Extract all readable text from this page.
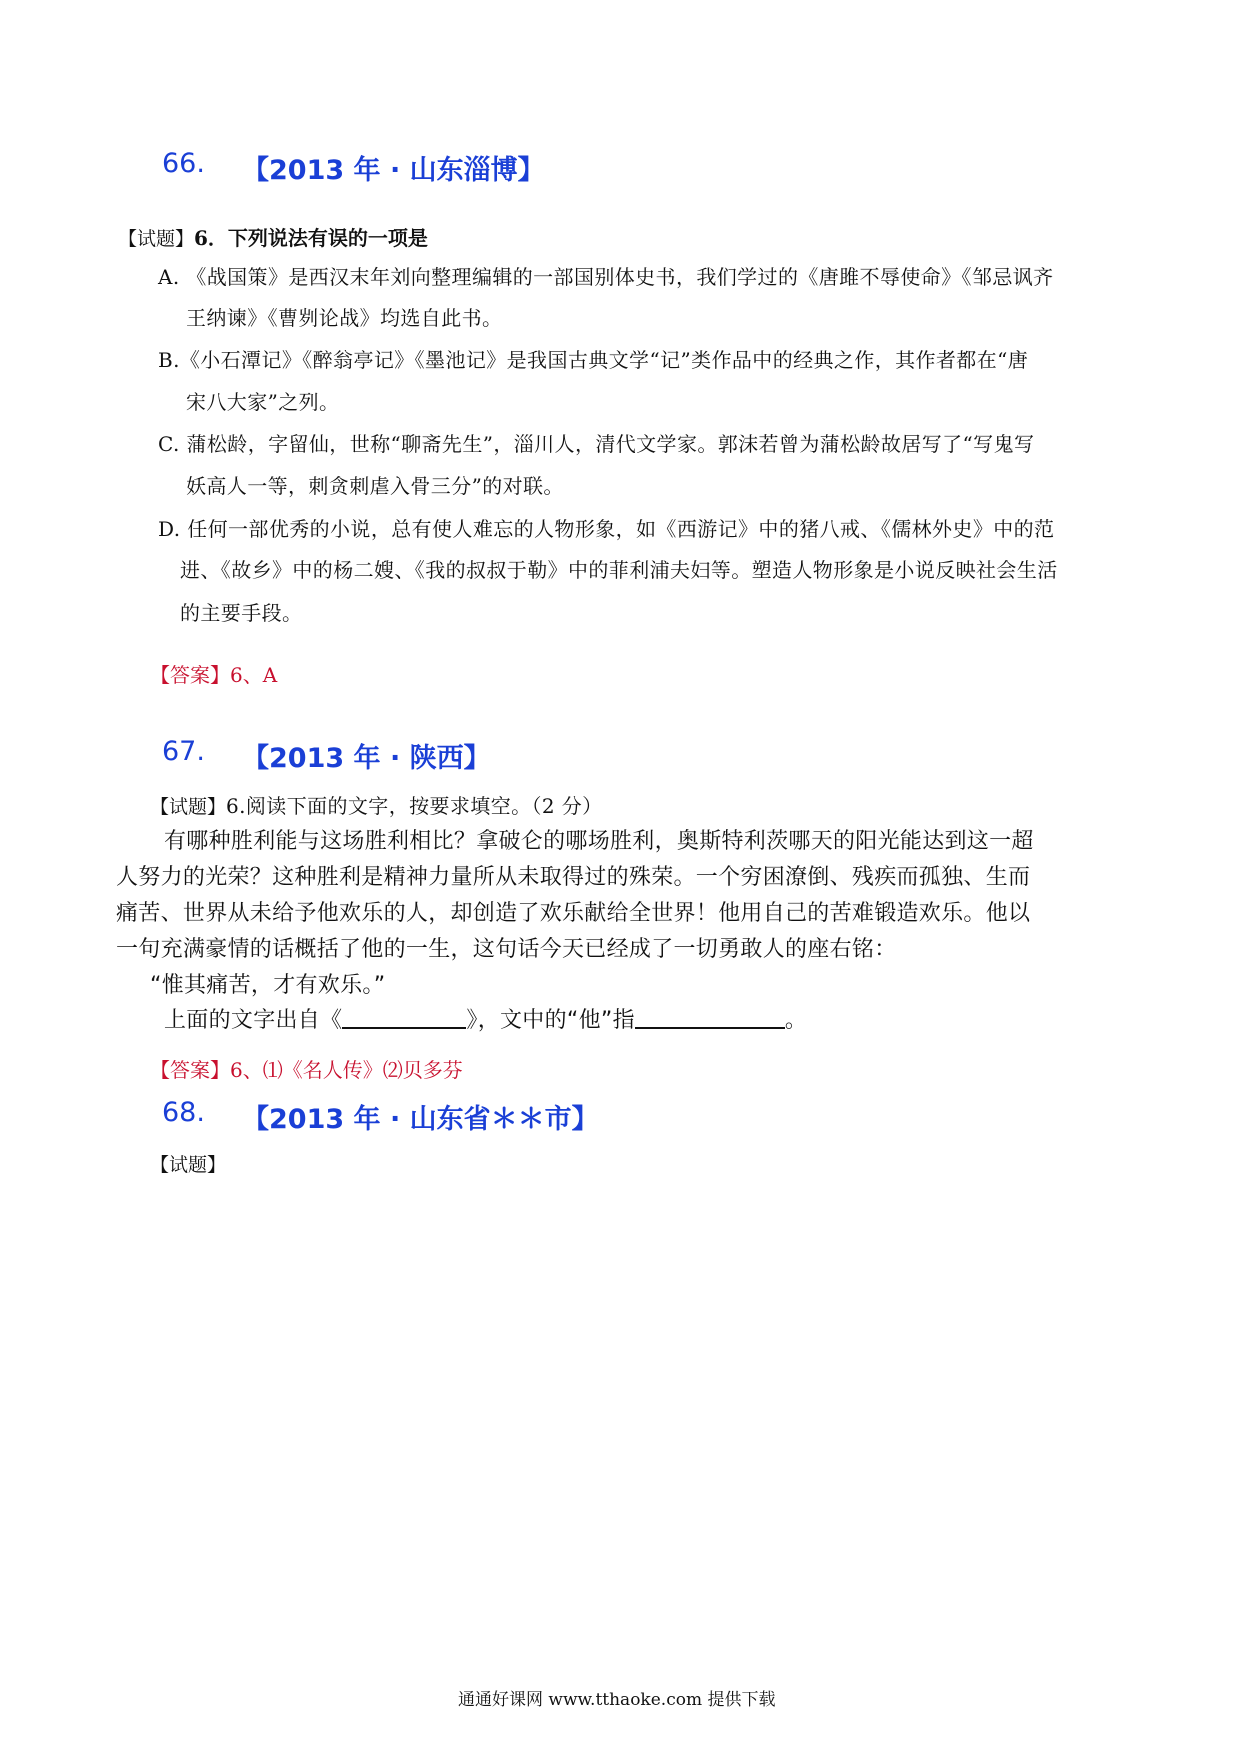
66. 【2013 年 · 山东淄博】
【试题】6．下列说法有误的一项是
A. 《战国策》是西汉末年刘向整理编辑的一部国别体史书，我们学过的《唐雎不辱使命》《邹忌讽齐
王纳谏》《曹刿论战》均选自此书。
B.《小石潭记》《醉翁亭记》《墨池记》是我国古典文学“记”类作品中的经典之作，其作者都在“唐
宋八大家”之列。
C. 蒲松龄，字留仙，世称“聊斋先生”，淄川人，清代文学家。郭沫若曾为蒲松龄故居写了“写鬼写
妖高人一等，刺贪刺虐入骨三分”的对联。
D. 任何一部优秀的小说，总有使人难忘的人物形象，如《西游记》中的猪八戒、《儒林外史》中的范
进、《故乡》中的杨二嫂、《我的叔叔于勒》中的菲利浦夫妇等。塑造人物形象是小说反映社会生活
的主要手段。
【答案】6、A
67. 【2013 年 · 陕西】
【试题】6.阅读下面的文字，按要求填空。（2 分）
有哪种胜利能与这场胜利相比？拿破仑的哪场胜利，奥斯特利茨哪天的阳光能达到这一超
人努力的光荣？这种胜利是精神力量所从未取得过的殊荣。一个穷困潦倒、残疾而孤独、生而
痛苦、世界从未给予他欢乐的人，却创造了欢乐献给全世界！他用自己的苦难锻造欢乐。他以
一句充满豪情的话概括了他的一生，这句话今天已经成了一切勇敢人的座右铭：
“惟其痛苦，才有欢乐。”
上面的文字出自《	》，文中的“他”指	。
【答案】6、⑴《名人传》⑵贝多芬
68. 【2013 年 · 山东省＊＊市】
【试题】
通通好课网 www.tthaoke.com 提供下载
